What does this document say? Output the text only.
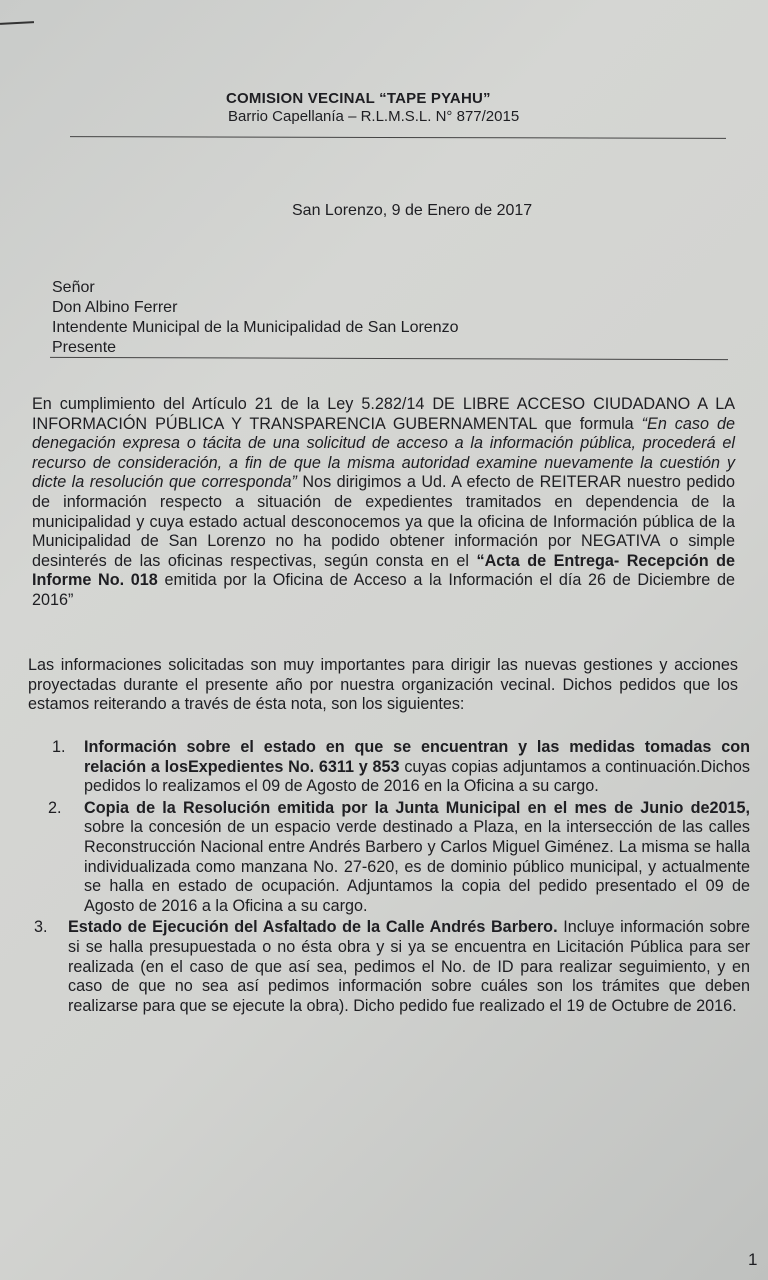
COMISION VECINAL “TAPE PYAHU”
Barrio Capellanía – R.L.M.S.L. N° 877/2015
San Lorenzo, 9 de Enero de 2017
Señor
Don Albino Ferrer
Intendente Municipal de la Municipalidad de San Lorenzo
Presente
En cumplimiento del Artículo 21 de la Ley 5.282/14 DE LIBRE ACCESO CIUDADANO A LA INFORMACIÓN PÚBLICA Y TRANSPARENCIA GUBERNAMENTAL que formula “En caso de denegación expresa o tácita de una solicitud de acceso a la información pública, procederá el recurso de consideración, a fin de que la misma autoridad examine nuevamente la cuestión y dicte la resolución que corresponda” Nos dirigimos a Ud. A efecto de REITERAR nuestro pedido de información respecto a situación de expedientes tramitados en dependencia de la municipalidad y cuya estado actual desconocemos ya que la oficina de Información pública de la Municipalidad de San Lorenzo no ha podido obtener información por NEGATIVA o simple desinterés de las oficinas respectivas, según consta en el “Acta de Entrega- Recepción de Informe No. 018 emitida por la Oficina de Acceso a la Información el día 26 de Diciembre de 2016”
Las informaciones solicitadas son muy importantes para dirigir las nuevas gestiones y acciones proyectadas durante el presente año por nuestra organización vecinal. Dichos pedidos que los estamos reiterando a través de ésta nota, son los siguientes:
1. Información sobre el estado en que se encuentran y las medidas tomadas con relación a losExpedientes No. 6311 y 853 cuyas copias adjuntamos a continuación.Dichos pedidos lo realizamos el 09 de Agosto de 2016 en la Oficina a su cargo.
2. Copia de la Resolución emitida por la Junta Municipal en el mes de Junio de2015, sobre la concesión de un espacio verde destinado a Plaza, en la intersección de las calles Reconstrucción Nacional entre Andrés Barbero y Carlos Miguel Giménez. La misma se halla individualizada como manzana No. 27-620, es de dominio público municipal, y actualmente se halla en estado de ocupación. Adjuntamos la copia del pedido presentado el 09 de Agosto de 2016 a la Oficina a su cargo.
3. Estado de Ejecución del Asfaltado de la Calle Andrés Barbero. Incluye información sobre si se halla presupuestada o no ésta obra y si ya se encuentra en Licitación Pública para ser realizada (en el caso de que así sea, pedimos el No. de ID para realizar seguimiento, y en caso de que no sea así pedimos información sobre cuáles son los trámites que deben realizarse para que se ejecute la obra). Dicho pedido fue realizado el 19 de Octubre de 2016.
1
